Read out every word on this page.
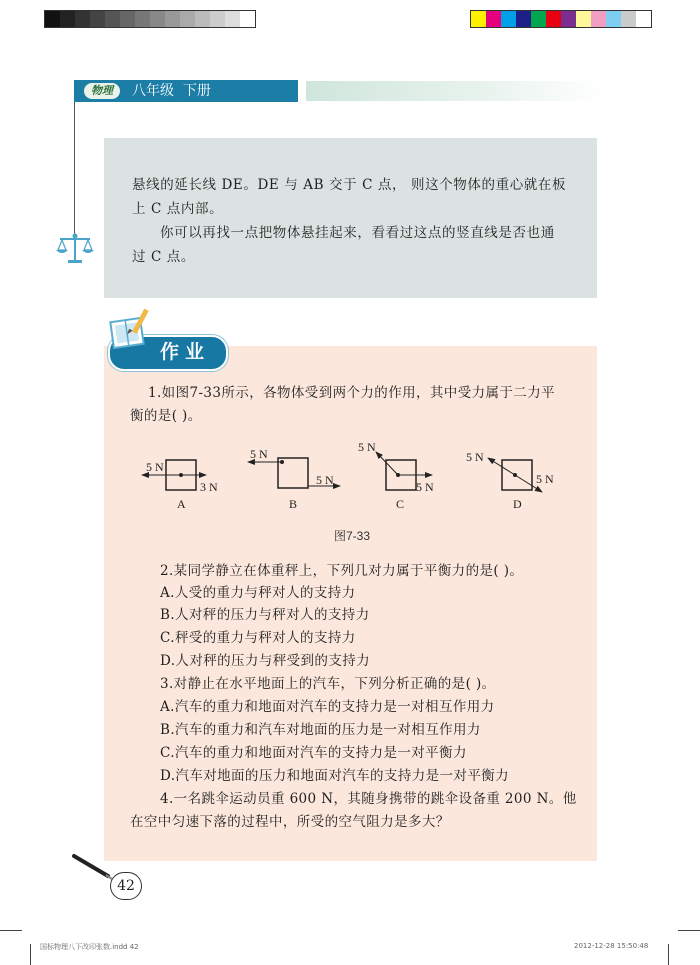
物理	八年级  下册

悬线的延长线 DE。DE 与 AB 交于 C 点， 则这个物体的重心就在板

上 C 点内部。

你可以再找一点把物体悬挂起来，看看过这点的竖直线是否也通

过 C 点。

作业

1.如图7-33所示，各物体受到两个力的作用，其中受力属于二力平

衡的是( )。

5 N
3 N
A
5 N
5 N
B
5 N
5 N
C
5 N
5 N
D
图7-33

2.某同学静立在体重秤上，下列几对力属于平衡力的是( )。

A.人受的重力与秤对人的支持力

B.人对秤的压力与秤对人的支持力

C.秤受的重力与秤对人的支持力

D.人对秤的压力与秤受到的支持力

3.对静止在水平地面上的汽车，下列分析正确的是( )。

A.汽车的重力和地面对汽车的支持力是一对相互作用力

B.汽车的重力和汽车对地面的压力是一对相互作用力

C.汽车的重力和地面对汽车的支持力是一对平衡力

D.汽车对地面的压力和地面对汽车的支持力是一对平衡力

4.一名跳伞运动员重 600 N，其随身携带的跳伞设备重 200 N。他

在空中匀速下落的过程中，所受的空气阻力是多大？

42
国标物理八下改印张数.indd 42	2012-12-28 15:50:48
